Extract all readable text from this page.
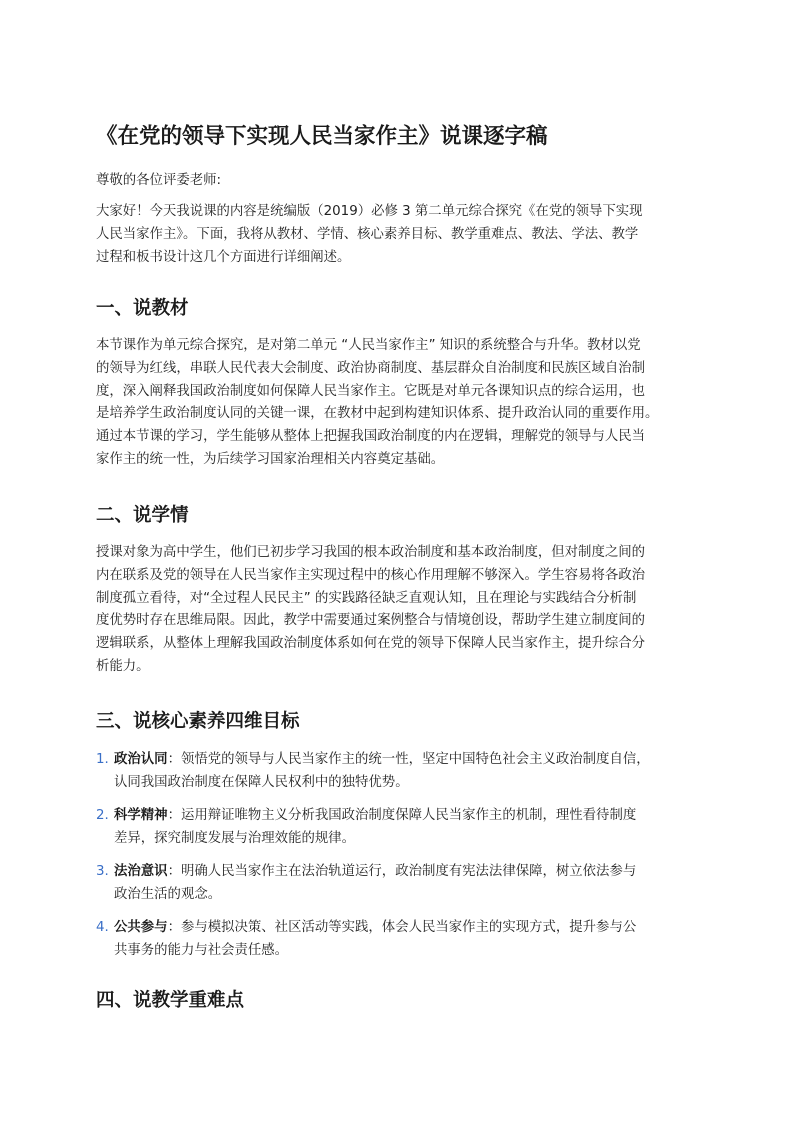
《在党的领导下实现人民当家作主》说课逐字稿

尊敬的各位评委老师:

大家好！今天我说课的内容是统编版（2019）必修 3 第二单元综合探究《在党的领导下实现
人民当家作主》。下面，我将从教材、学情、核心素养目标、教学重难点、教法、学法、教学
过程和板书设计这几个方面进行详细阐述。

一、说教材

本节课作为单元综合探究，是对第二单元 “人民当家作主” 知识的系统整合与升华。教材以党
的领导为红线，串联人民代表大会制度、政治协商制度、基层群众自治制度和民族区域自治制
度，深入阐释我国政治制度如何保障人民当家作主。它既是对单元各课知识点的综合运用，也
是培养学生政治制度认同的关键一课，在教材中起到构建知识体系、提升政治认同的重要作用。
通过本节课的学习，学生能够从整体上把握我国政治制度的内在逻辑，理解党的领导与人民当
家作主的统一性，为后续学习国家治理相关内容奠定基础。

二、说学情

授课对象为高中学生，他们已初步学习我国的根本政治制度和基本政治制度，但对制度之间的
内在联系及党的领导在人民当家作主实现过程中的核心作用理解不够深入。学生容易将各政治
制度孤立看待，对“全过程人民民主” 的实践路径缺乏直观认知，且在理论与实践结合分析制
度优势时存在思维局限。因此，教学中需要通过案例整合与情境创设，帮助学生建立制度间的
逻辑联系，从整体上理解我国政治制度体系如何在党的领导下保障人民当家作主，提升综合分
析能力。

三、说核心素养四维目标
1. 政治认同：领悟党的领导与人民当家作主的统一性，坚定中国特色社会主义政治制度自信，
认同我国政治制度在保障人民权利中的独特优势。
2. 科学精神：运用辩证唯物主义分析我国政治制度保障人民当家作主的机制，理性看待制度
差异，探究制度发展与治理效能的规律。
3. 法治意识：明确人民当家作主在法治轨道运行，政治制度有宪法法律保障，树立依法参与
政治生活的观念。
4. 公共参与：参与模拟决策、社区活动等实践，体会人民当家作主的实现方式，提升参与公
共事务的能力与社会责任感。
四、说教学重难点
